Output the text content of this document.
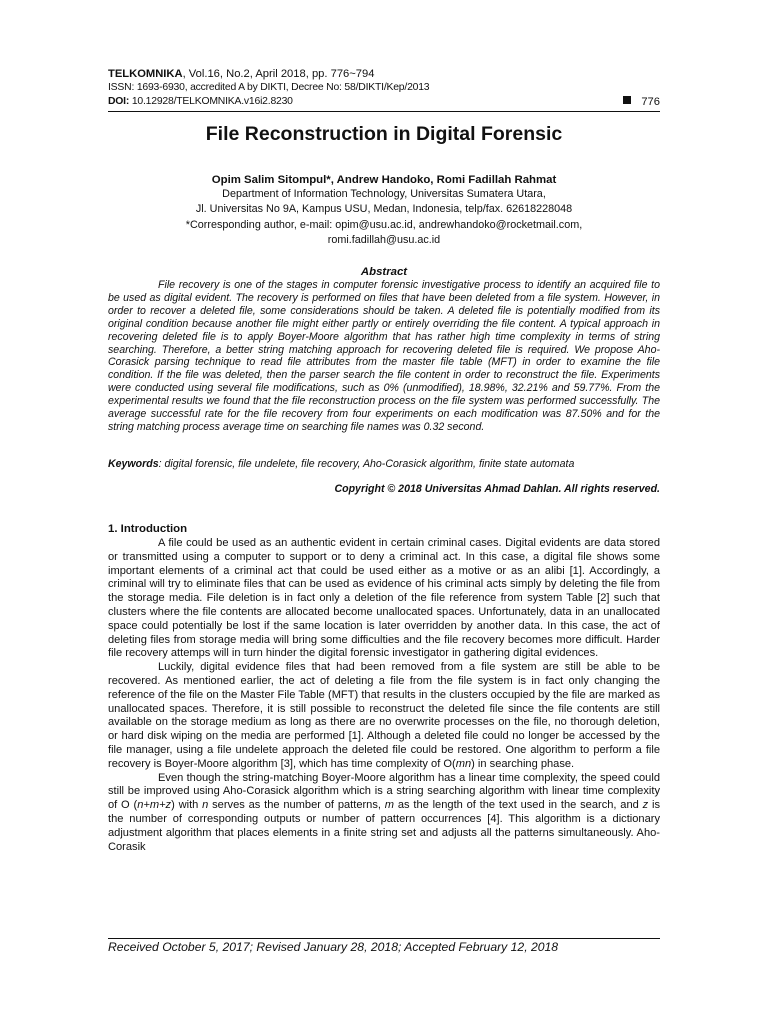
TELKOMNIKA, Vol.16, No.2, April 2018, pp. 776~794
ISSN: 1693-6930, accredited A by DIKTI, Decree No: 58/DIKTI/Kep/2013
DOI: 10.12928/TELKOMNIKA.v16i2.8230	776
File Reconstruction in Digital Forensic
Opim Salim Sitompul*, Andrew Handoko, Romi Fadillah Rahmat
Department of Information Technology, Universitas Sumatera Utara,
Jl. Universitas No 9A, Kampus USU, Medan, Indonesia, telp/fax. 62618228048
*Corresponding author, e-mail: opim@usu.ac.id, andrewhandoko@rocketmail.com,
romi.fadillah@usu.ac.id
Abstract
File recovery is one of the stages in computer forensic investigative process to identify an acquired file to be used as digital evident. The recovery is performed on files that have been deleted from a file system. However, in order to recover a deleted file, some considerations should be taken. A deleted file is potentially modified from its original condition because another file might either partly or entirely overriding the file content. A typical approach in recovering deleted file is to apply Boyer-Moore algorithm that has rather high time complexity in terms of string searching. Therefore, a better string matching approach for recovering deleted file is required. We propose Aho-Corasick parsing technique to read file attributes from the master file table (MFT) in order to examine the file condition. If the file was deleted, then the parser search the file content in order to reconstruct the file. Experiments were conducted using several file modifications, such as 0% (unmodified), 18.98%, 32.21% and 59.77%. From the experimental results we found that the file reconstruction process on the file system was performed successfully. The average successful rate for the file recovery from four experiments on each modification was 87.50% and for the string matching process average time on searching file names was 0.32 second.
Keywords: digital forensic, file undelete, file recovery, Aho-Corasick algorithm, finite state automata
Copyright © 2018 Universitas Ahmad Dahlan. All rights reserved.
1. Introduction

A file could be used as an authentic evident in certain criminal cases. Digital evidents are data stored or transmitted using a computer to support or to deny a criminal act. In this case, a digital file shows some important elements of a criminal act that could be used either as a motive or as an alibi [1]. Accordingly, a criminal will try to eliminate files that can be used as evidence of his criminal acts simply by deleting the file from the storage media. File deletion is in fact only a deletion of the file reference from system Table [2] such that clusters where the file contents are allocated become unallocated spaces. Unfortunately, data in an unallocated space could potentially be lost if the same location is later overridden by another data. In this case, the act of deleting files from storage media will bring some difficulties and the file recovery becomes more difficult. Harder file recovery attemps will in turn hinder the digital forensic investigator in gathering digital evidences.

Luckily, digital evidence files that had been removed from a file system are still be able to be recovered. As mentioned earlier, the act of deleting a file from the file system is in fact only changing the reference of the file on the Master File Table (MFT) that results in the clusters occupied by the file are marked as unallocated spaces. Therefore, it is still possible to reconstruct the deleted file since the file contents are still available on the storage medium as long as there are no overwrite processes on the file, no thorough deletion, or hard disk wiping on the media are performed [1]. Although a deleted file could no longer be accessed by the file manager, using a file undelete approach the deleted file could be restored. One algorithm to perform a file recovery is Boyer-Moore algorithm [3], which has time complexity of O(mn) in searching phase.

Even though the string-matching Boyer-Moore algorithm has a linear time complexity, the speed could still be improved using Aho-Corasick algorithm which is a string searching algorithm with linear time complexity of O (n+m+z) with n serves as the number of patterns, m as the length of the text used in the search, and z is the number of corresponding outputs or number of pattern occurrences [4]. This algorithm is a dictionary adjustment algorithm that places elements in a finite string set and adjusts all the patterns simultaneously. Aho-Corasik

Received October 5, 2017; Revised January 28, 2018; Accepted February 12, 2018
